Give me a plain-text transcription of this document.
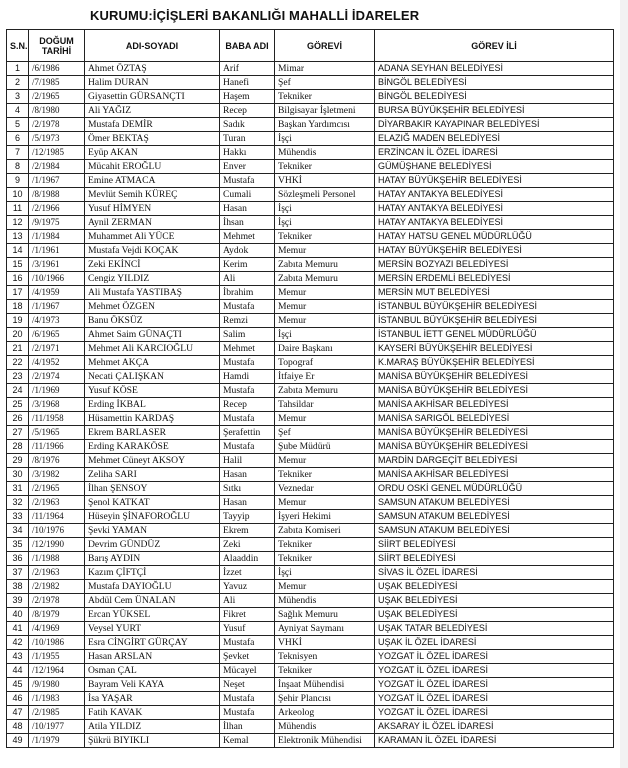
KURUMU:İÇİŞLERİ BAKANLIĞI MAHALLİ İDARELER
S.N.	DOĞUM TARİHİ	ADI-SOYADI	BABA ADI	GÖREVİ	GÖREV İLİ
1	/6/1986	Ahmet ÖZTAŞ	Arif	Mimar	ADANA SEYHAN BELEDİYESİ
2	/7/1985	Halim DURAN	Hanefi	Şef	BİNGÖL BELEDİYESİ
3	/2/1965	Giyasettin GÜRSANÇTI	Haşem	Tekniker	BİNGÖL BELEDİYESİ
4	/8/1980	Ali YAĞIZ	Recep	Bilgisayar İşletmeni	BURSA BÜYÜKŞEHİR BELEDİYESİ
5	/2/1978	Mustafa DEMİR	Sadık	Başkan Yardımcısı	DİYARBAKIR KAYAPINAR BELEDİYESİ
6	/5/1973	Ömer BEKTAŞ	Turan	İşçi	ELAZIĞ MADEN BELEDİYESİ
7	/12/1985	Eyüp AKAN	Hakkı	Mühendis	ERZİNCAN İL ÖZEL İDARESİ
8	/2/1984	Mücahit EROĞLU	Enver	Tekniker	GÜMÜŞHANE BELEDİYESİ
9	/1/1967	Emine ATMACA	Mustafa	VHKİ	HATAY BÜYÜKŞEHİR BELEDİYESİ
10	/8/1988	Mevlüt Semih KÜREÇ	Cumali	Sözleşmeli Personel	HATAY ANTAKYA BELEDİYESİ
11	/2/1966	Yusuf HİMYEN	Hasan	İşçi	HATAY ANTAKYA BELEDİYESİ
12	/9/1975	Aynil ZERMAN	İhsan	İşçi	HATAY ANTAKYA BELEDİYESİ
13	/1/1984	Muhammet Ali YÜCE	Mehmet	Tekniker	HATAY HATSU GENEL MÜDÜRLÜĞÜ
14	/1/1961	Mustafa Vejdi KOÇAK	Aydok	Memur	HATAY BÜYÜKŞEHİR BELEDİYESİ
15	/3/1961	Zeki EKİNCİ	Kerim	Zabıta Memuru	MERSİN BOZYAZI BELEDİYESİ
16	/10/1966	Cengiz YILDIZ	Ali	Zabıta Memuru	MERSİN ERDEMLİ BELEDİYESİ
17	/4/1959	Ali Mustafa YASTIBAŞ	İbrahim	Memur	MERSİN MUT BELEDİYESİ
18	/1/1967	Mehmet ÖZGEN	Mustafa	Memur	İSTANBUL BÜYÜKŞEHİR BELEDİYESİ
19	/4/1973	Banu ÖKSÜZ	Remzi	Memur	İSTANBUL BÜYÜKŞEHİR BELEDİYESİ
20	/6/1965	Ahmet Saim GÜNAÇTI	Salim	İşçi	İSTANBUL İETT GENEL MÜDÜRLÜĞÜ
21	/2/1971	Mehmet Ali KARCIOĞLU	Mehmet	Daire Başkanı	KAYSERİ BÜYÜKŞEHİR BELEDİYESİ
22	/4/1952	Mehmet AKÇA	Mustafa	Topograf	K.MARAŞ BÜYÜKŞEHİR BELEDİYESİ
23	/2/1974	Necati ÇALIŞKAN	Hamdi	İtfaiye Er	MANİSA BÜYÜKŞEHİR BELEDİYESİ
24	/1/1969	Yusuf KÖSE	Mustafa	Zabıta Memuru	MANİSA BÜYÜKŞEHİR BELEDİYESİ
25	/3/1968	Erding İKBAL	Recep	Tahsildar	MANİSA AKHİSAR BELEDİYESİ
26	/11/1958	Hüsamettin KARDAŞ	Mustafa	Memur	MANİSA SARIGÖL BELEDİYESİ
27	/5/1965	Ekrem BARLASER	Şerafettin	Şef	MANİSA BÜYÜKŞEHİR BELEDİYESİ
28	/11/1966	Erding KARAKÖSE	Mustafa	Şube Müdürü	MANİSA BÜYÜKŞEHİR BELEDİYESİ
29	/8/1976	Mehmet Cüneyt AKSOY	Halil	Memur	MARDİN DARGEÇİT BELEDİYESİ
30	/3/1982	Zeliha SARI	Hasan	Tekniker	MANİSA AKHİSAR BELEDİYESİ
31	/2/1965	İlhan ŞENSOY	Sıtkı	Veznedar	ORDU OSKİ GENEL MÜDÜRLÜĞÜ
32	/2/1963	Şenol KATKAT	Hasan	Memur	SAMSUN ATAKUM BELEDİYESİ
33	/11/1964	Hüseyin ŞİNAFOROĞLU	Tayyip	İşyeri Hekimi	SAMSUN ATAKUM BELEDİYESİ
34	/10/1976	Şevki YAMAN	Ekrem	Zabıta Komiseri	SAMSUN ATAKUM BELEDİYESİ
35	/12/1990	Devrim GÜNDÜZ	Zeki	Tekniker	SİİRT BELEDİYESİ
36	/1/1988	Barış AYDIN	Alaaddin	Tekniker	SİİRT BELEDİYESİ
37	/2/1963	Kazım ÇİFTÇİ	İzzet	İşçi	SİVAS İL ÖZEL İDARESİ
38	/2/1982	Mustafa DAYIOĞLU	Yavuz	Memur	UŞAK BELEDİYESİ
39	/2/1978	Abdül Cem ÜNALAN	Ali	Mühendis	UŞAK BELEDİYESİ
40	/8/1979	Ercan YÜKSEL	Fikret	Sağlık Memuru	UŞAK BELEDİYESİ
41	/4/1969	Veysel YURT	Yusuf	Ayniyat Saymanı	UŞAK TATAR BELEDİYESİ
42	/10/1986	Esra CİNGİRT GÜRÇAY	Mustafa	VHKİ	UŞAK İL ÖZEL İDARESİ
43	/1/1955	Hasan ARSLAN	Şevket	Teknisyen	YOZGAT İL ÖZEL İDARESİ
44	/12/1964	Osman ÇAL	Mücayel	Tekniker	YOZGAT İL ÖZEL İDARESİ
45	/9/1980	Bayram Veli KAYA	Neşet	İnşaat Mühendisi	YOZGAT İL ÖZEL İDARESİ
46	/1/1983	İsa YAŞAR	Mustafa	Şehir Plancısı	YOZGAT İL ÖZEL İDARESİ
47	/2/1985	Fatih KAVAK	Mustafa	Arkeolog	YOZGAT İL ÖZEL İDARESİ
48	/10/1977	Atila YILDIZ	İlhan	Mühendis	AKSARAY İL ÖZEL İDARESİ
49	/1/1979	Şükrü BIYIKLI	Kemal	Elektronik Mühendisi	KARAMAN İL ÖZEL İDARESİ
